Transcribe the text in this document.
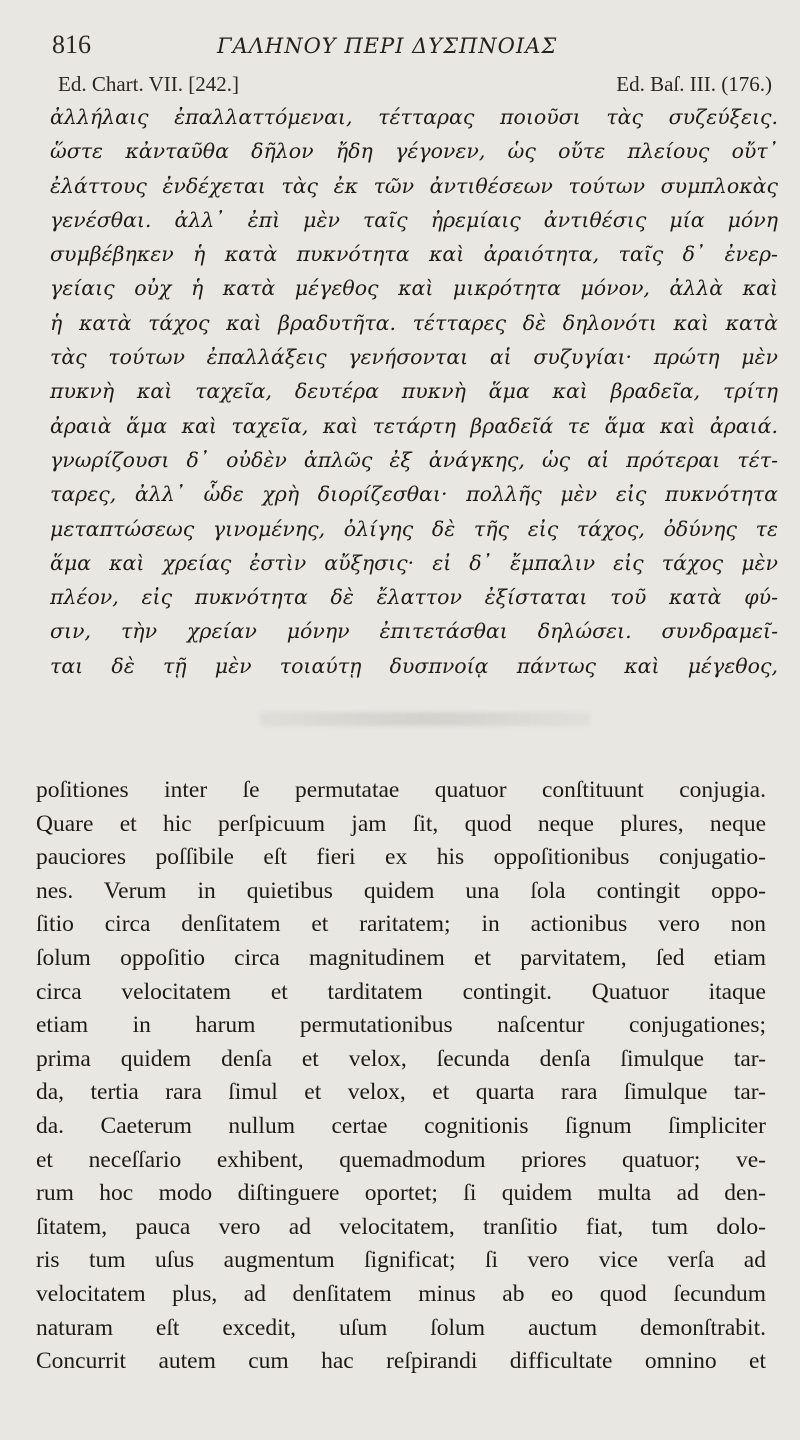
816	ΓΑΛΗΝΟΥ ΠΕΡΙ ΔΥΣΠΝΟΙΑΣ
Ed. Chart. VII. [242.]	Ed. Baſ. III. (176.)
ἀλλήλαις ἐπαλλαττόμεναι, τέτταρας ποιοῦσι τὰς συζεύξεις.
ὥστε κἀνταῦθα δῆλον ἤδη γέγονεν, ὡς οὔτε πλείους οὔτ᾽
ἐλάττους ἐνδέχεται τὰς ἐκ τῶν ἀντιθέσεων τούτων συμπλοκὰς
γενέσθαι. ἀλλ᾽ ἐπὶ μὲν ταῖς ἠρεμίαις ἀντιθέσις μία μόνη
συμβέβηκεν ἡ κατὰ πυκνότητα καὶ ἀραιότητα, ταῖς δ᾽ ἐνερ-
γείαις οὐχ ἡ κατὰ μέγεθος καὶ μικρότητα μόνον, ἀλλὰ καὶ
ἡ κατὰ τάχος καὶ βραδυτῆτα. τέτταρες δὲ δηλονότι καὶ κατὰ
τὰς τούτων ἐπαλλάξεις γενήσονται αἱ συζυγίαι· πρώτη μὲν
πυκνὴ καὶ ταχεῖα, δευτέρα πυκνὴ ἅμα καὶ βραδεῖα, τρίτη
ἀραιὰ ἅμα καὶ ταχεῖα, καὶ τετάρτη βραδεῖά τε ἅμα καὶ ἀραιά.
γνωρίζουσι δ᾽ οὐδὲν ἁπλῶς ἐξ ἀνάγκης, ὡς αἱ πρότεραι τέτ-
ταρες, ἀλλ᾽ ὧδε χρὴ διορίζεσθαι· πολλῆς μὲν εἰς πυκνότητα
μεταπτώσεως γινομένης, ὀλίγης δὲ τῆς εἰς τάχος, ὀδύνης τε
ἅμα καὶ χρείας ἐστὶν αὔξησις· εἰ δ᾽ ἔμπαλιν εἰς τάχος μὲν
πλέον, εἰς πυκνότητα δὲ ἔλαττον ἐξίσταται τοῦ κατὰ φύ-
σιν, τὴν χρείαν μόνην ἐπιτετάσθαι δηλώσει. συνδραμεῖ-
ται δὲ τῇ μὲν τοιαύτῃ δυσπνοίᾳ πάντως καὶ μέγεθος,
poſitiones inter ſe permutatae quatuor conſtituunt conjugia.
Quare et hic perſpicuum jam ſit, quod neque plures, neque
pauciores poſſibile eſt fieri ex his oppoſitionibus conjugatio-
nes. Verum in quietibus quidem una ſola contingit oppo-
ſitio circa denſitatem et raritatem; in actionibus vero non
ſolum oppoſitio circa magnitudinem et parvitatem, ſed etiam
circa velocitatem et tarditatem contingit. Quatuor itaque
etiam in harum permutationibus naſcentur conjugationes;
prima quidem denſa et velox, ſecunda denſa ſimulque tar-
da, tertia rara ſimul et velox, et quarta rara ſimulque tar-
da. Caeterum nullum certae cognitionis ſignum ſimpliciter
et neceſſario exhibent, quemadmodum priores quatuor; ve-
rum hoc modo diſtinguere oportet; ſi quidem multa ad den-
ſitatem, pauca vero ad velocitatem, tranſitio fiat, tum dolo-
ris tum uſus augmentum ſignificat; ſi vero vice verſa ad
velocitatem plus, ad denſitatem minus ab eo quod ſecundum
naturam eſt excedit, uſum ſolum auctum demonſtrabit.
Concurrit autem cum hac reſpirandi difficultate omnino et
